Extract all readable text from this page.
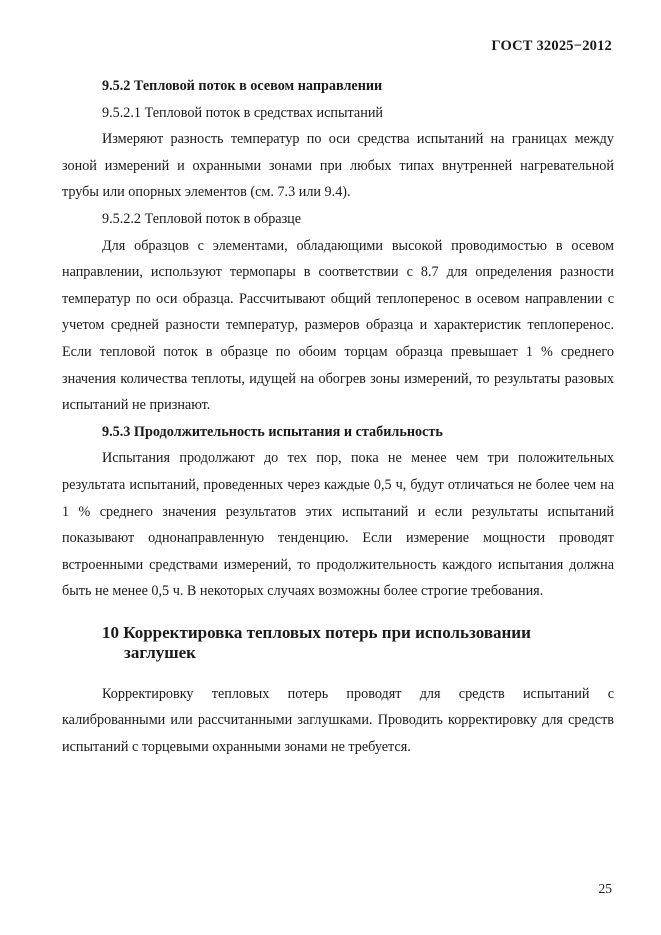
ГОСТ 32025−2012
9.5.2 Тепловой поток в осевом направлении
9.5.2.1 Тепловой поток в средствах испытаний

Измеряют разность температур по оси средства испытаний на границах между зоной измерений и охранными зонами при любых типах внутренней нагревательной трубы или опорных элементов (см. 7.3 или 9.4).

9.5.2.2 Тепловой поток в образце

Для образцов с элементами, обладающими высокой проводимостью в осевом направлении, используют термопары в соответствии с 8.7 для определения разности температур по оси образца. Рассчитывают общий теплоперенос в осевом направлении с учетом средней разности температур, размеров образца и характеристик теплоперенос. Если тепловой поток в образце по обоим торцам образца превышает 1 % среднего значения количества теплоты, идущей на обогрев зоны измерений, то результаты разовых испытаний не признают.

9.5.3 Продолжительность испытания и стабильность

Испытания продолжают до тех пор, пока не менее чем три положительных результата испытаний, проведенных через каждые 0,5 ч, будут отличаться не более чем на 1 % среднего значения результатов этих испытаний и если результаты испытаний показывают однонаправленную тенденцию. Если измерение мощности проводят встроенными средствами измерений, то продолжительность каждого испытания должна быть не менее 0,5 ч. В некоторых случаях возможны более строгие требования.

10 Корректировка тепловых потерь при использовании
заглушек

Корректировку тепловых потерь проводят для средств испытаний с калиброванными или рассчитанными заглушками. Проводить корректировку для средств испытаний с торцевыми охранными зонами не требуется.

25
